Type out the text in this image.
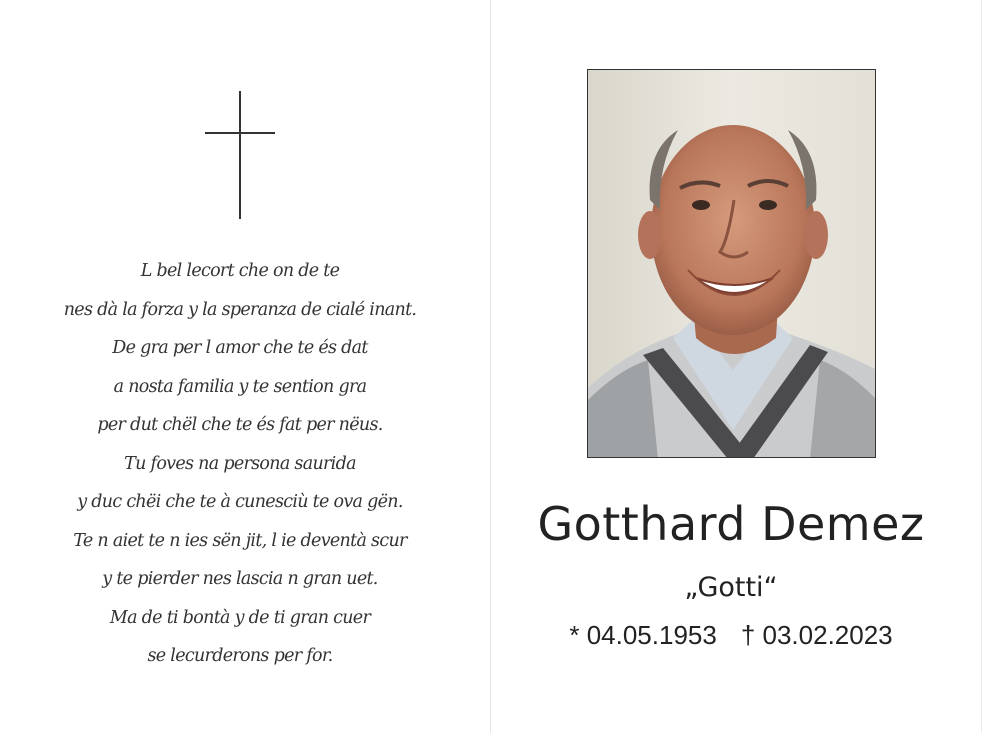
L bel lecort che on de te
nes dà la forza y la speranza de cialé inant.
De gra per l amor che te és dat
a nosta familia y te sention gra
per dut chël che te és fat per nëus.
Tu foves na persona saurida
y duc chëi che te à cunesciù te ova gën.
Te n aiet te n ies sën jit, l ie deventà scur
y te pierder nes lascia n gran uet.
Ma de ti bontà y de ti gran cuer
se lecurderons per for.
Gotthard Demez
„Gotti“
* 04.05.1953 † 03.02.2023
